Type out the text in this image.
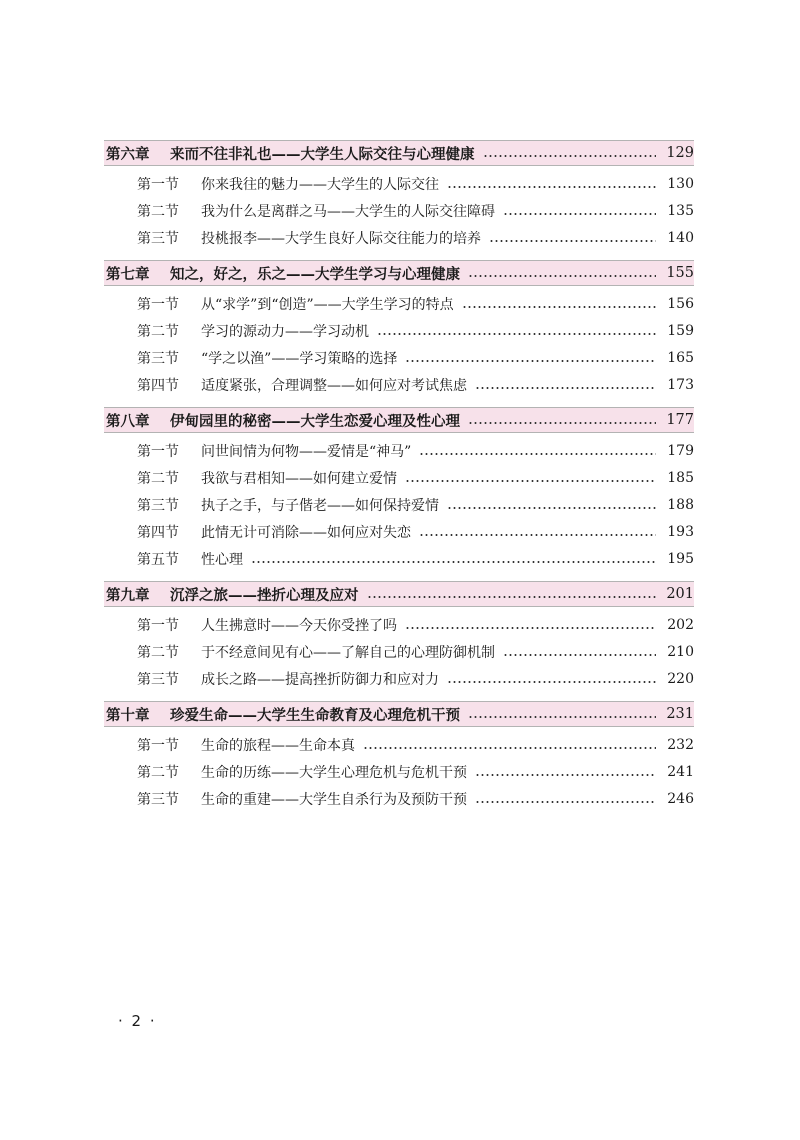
第六章	来而不往非礼也——大学生人际交往与心理健康	129
第一节	你来我往的魅力——大学生的人际交往	130
第二节	我为什么是离群之马——大学生的人际交往障碍	135
第三节	投桃报李——大学生良好人际交往能力的培养	140
第七章	知之，好之，乐之——大学生学习与心理健康	155
第一节	从“求学”到“创造”——大学生学习的特点	156
第二节	学习的源动力——学习动机	159
第三节	“学之以渔”——学习策略的选择	165
第四节	适度紧张，合理调整——如何应对考试焦虑	173
第八章	伊甸园里的秘密——大学生恋爱心理及性心理	177
第一节	问世间情为何物——爱情是“神马”	179
第二节	我欲与君相知——如何建立爱情	185
第三节	执子之手，与子偕老——如何保持爱情	188
第四节	此情无计可消除——如何应对失恋	193
第五节	性心理	195
第九章	沉浮之旅——挫折心理及应对	201
第一节	人生拂意时——今天你受挫了吗	202
第二节	于不经意间见有心——了解自己的心理防御机制	210
第三节	成长之路——提高挫折防御力和应对力	220
第十章	珍爱生命——大学生生命教育及心理危机干预	231
第一节	生命的旅程——生命本真	232
第二节	生命的历练——大学生心理危机与危机干预	241
第三节	生命的重建——大学生自杀行为及预防干预	246
· 2 ·
